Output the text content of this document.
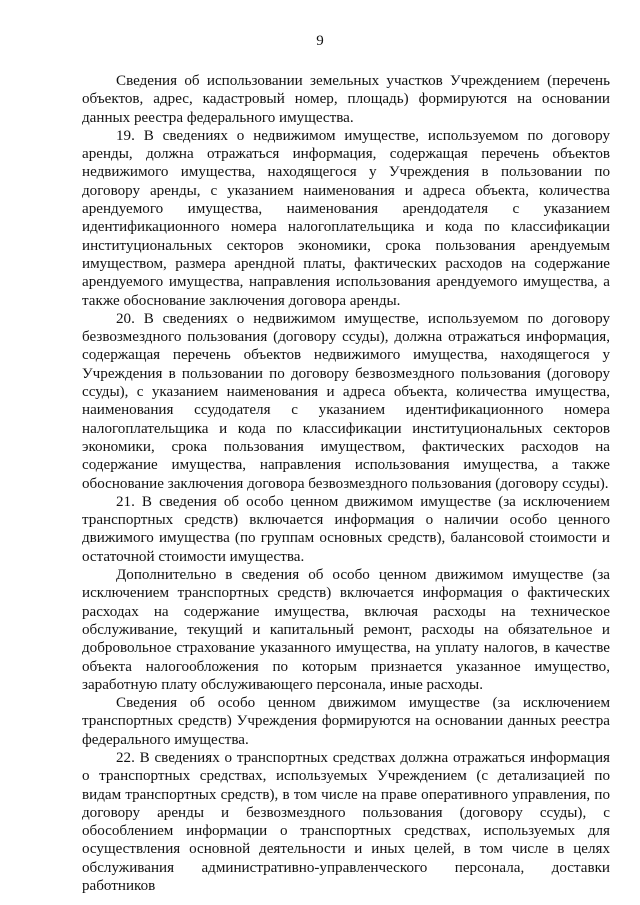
9

Сведения об использовании земельных участков Учреждением (перечень объектов, адрес, кадастровый номер, площадь) формируются на основании данных реестра федерального имущества.

19. В сведениях о недвижимом имуществе, используемом по договору аренды, должна отражаться информация, содержащая перечень объектов недвижимого имущества, находящегося у Учреждения в пользовании по договору аренды, с указанием наименования и адреса объекта, количества арендуемого имущества, наименования арендодателя с указанием идентификационного номера налогоплательщика и кода по классификации институциональных секторов экономики, срока пользования арендуемым имуществом, размера арендной платы, фактических расходов на содержание арендуемого имущества, направления использования арендуемого имущества, а также обоснование заключения договора аренды.

20. В сведениях о недвижимом имуществе, используемом по договору безвозмездного пользования (договору ссуды), должна отражаться информация, содержащая перечень объектов недвижимого имущества, находящегося у Учреждения в пользовании по договору безвозмездного пользования (договору ссуды), с указанием наименования и адреса объекта, количества имущества, наименования ссудодателя с указанием идентификационного номера налогоплательщика и кода по классификации институциональных секторов экономики, срока пользования имуществом, фактических расходов на содержание имущества, направления использования имущества, а также обоснование заключения договора безвозмездного пользования (договору ссуды).

21. В сведения об особо ценном движимом имуществе (за исключением транспортных средств) включается информация о наличии особо ценного движимого имущества (по группам основных средств), балансовой стоимости и остаточной стоимости имущества.

Дополнительно в сведения об особо ценном движимом имуществе (за исключением транспортных средств) включается информация о фактических расходах на содержание имущества, включая расходы на техническое обслуживание, текущий и капитальный ремонт, расходы на обязательное и добровольное страхование указанного имущества, на уплату налогов, в качестве объекта налогообложения по которым признается указанное имущество, заработную плату обслуживающего персонала, иные расходы.

Сведения об особо ценном движимом имуществе (за исключением транспортных средств) Учреждения формируются на основании данных реестра федерального имущества.

22. В сведениях о транспортных средствах должна отражаться информация о транспортных средствах, используемых Учреждением (с детализацией по видам транспортных средств), в том числе на праве оперативного управления, по договору аренды и безвозмездного пользования (договору ссуды), с обособлением информации о транспортных средствах, используемых для осуществления основной деятельности и иных целей, в том числе в целях обслуживания административно-управленческого персонала, доставки работников
